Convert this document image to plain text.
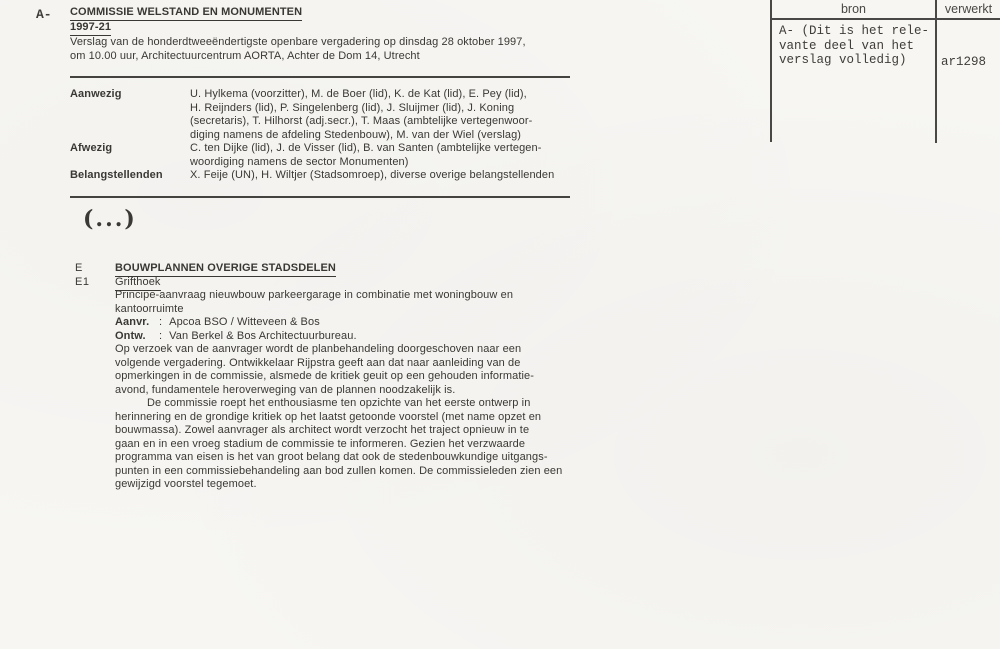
A- COMMISSIE WELSTAND EN MONUMENTEN
1997-21
Verslag van de honderdtweeëndertigste openbare vergadering op dinsdag 28 oktober 1997,
om 10.00 uur, Architectuurcentrum AORTA, Achter de Dom 14, Utrecht
Aanwezig	U. Hylkema (voorzitter), M. de Boer (lid), K. de Kat (lid), E. Pey (lid),
H. Reijnders (lid), P. Singelenberg (lid), J. Sluijmer (lid), J. Koning
(secretaris), T. Hilhorst (adj.secr.), T. Maas (ambtelijke vertegenwoor-
diging namens de afdeling Stedenbouw), M. van der Wiel (verslag)
Afwezig	C. ten Dijke (lid), J. de Visser (lid), B. van Santen (ambtelijke vertegen-
woordiging namens de sector Monumenten)
Belangstellenden	X. Feije (UN), H. Wiltjer (Stadsomroep), diverse overige belangstellenden
(...)
E
E1
BOUWPLANNEN OVERIGE STADSDELEN
Grifthoek
Principe-aanvraag nieuwbouw parkeergarage in combinatie met woningbouw en
kantoorruimte
Aanvr. : Apcoa BSO / Witteveen & Bos
Ontw. : Van Berkel & Bos Architectuurbureau.
Op verzoek van de aanvrager wordt de planbehandeling doorgeschoven naar een
volgende vergadering. Ontwikkelaar Rijpstra geeft aan dat naar aanleiding van de
opmerkingen in de commissie, alsmede de kritiek geuit op een gehouden informatie-
avond, fundamentele heroverweging van de plannen noodzakelijk is.
De commissie roept het enthousiasme ten opzichte van het eerste ontwerp in
herinnering en de grondige kritiek op het laatst getoonde voorstel (met name opzet en
bouwmassa). Zowel aanvrager als architect wordt verzocht het traject opnieuw in te
gaan en in een vroeg stadium de commissie te informeren. Gezien het verzwaarde
programma van eisen is het van groot belang dat ook de stedenbouwkundige uitgangs-
punten in een commissiebehandeling aan bod zullen komen. De commissieleden zien een
gewijzigd voorstel tegemoet.
bron	verwerkt
A- (Dit is het rele-
vante deel van het
verslag volledig)	ar1298
